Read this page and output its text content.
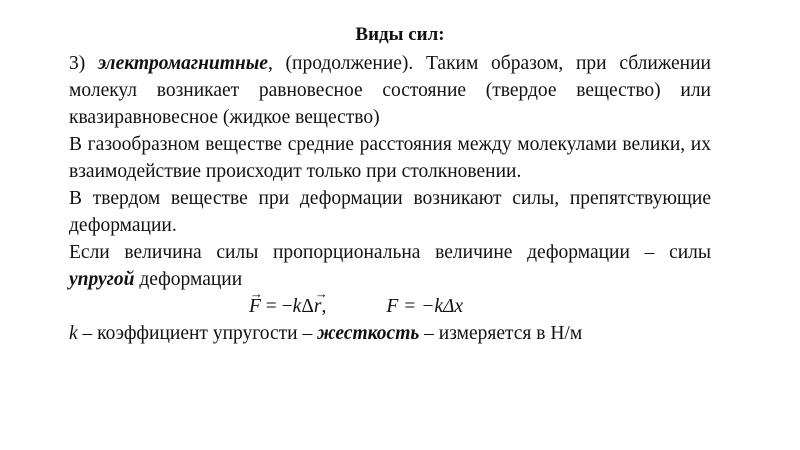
Виды сил:

3) электромагнитные, (продолжение). Таким образом, при сближении молекул возникает равновесное состояние (твердое вещество) или квазиравновесное (жидкое вещество)

В газообразном веществе средние расстояния между молекулами велики, их взаимодействие происходит только при столкновении.

В твердом веществе при деформации возникают силы, препятствующие деформации.

Если величина силы пропорциональна величине деформации – силы упругой деформации

→ F = −kΔ→ r,	F = −kΔx

k – коэффициент упругости – жесткость – измеряется в Н/м
